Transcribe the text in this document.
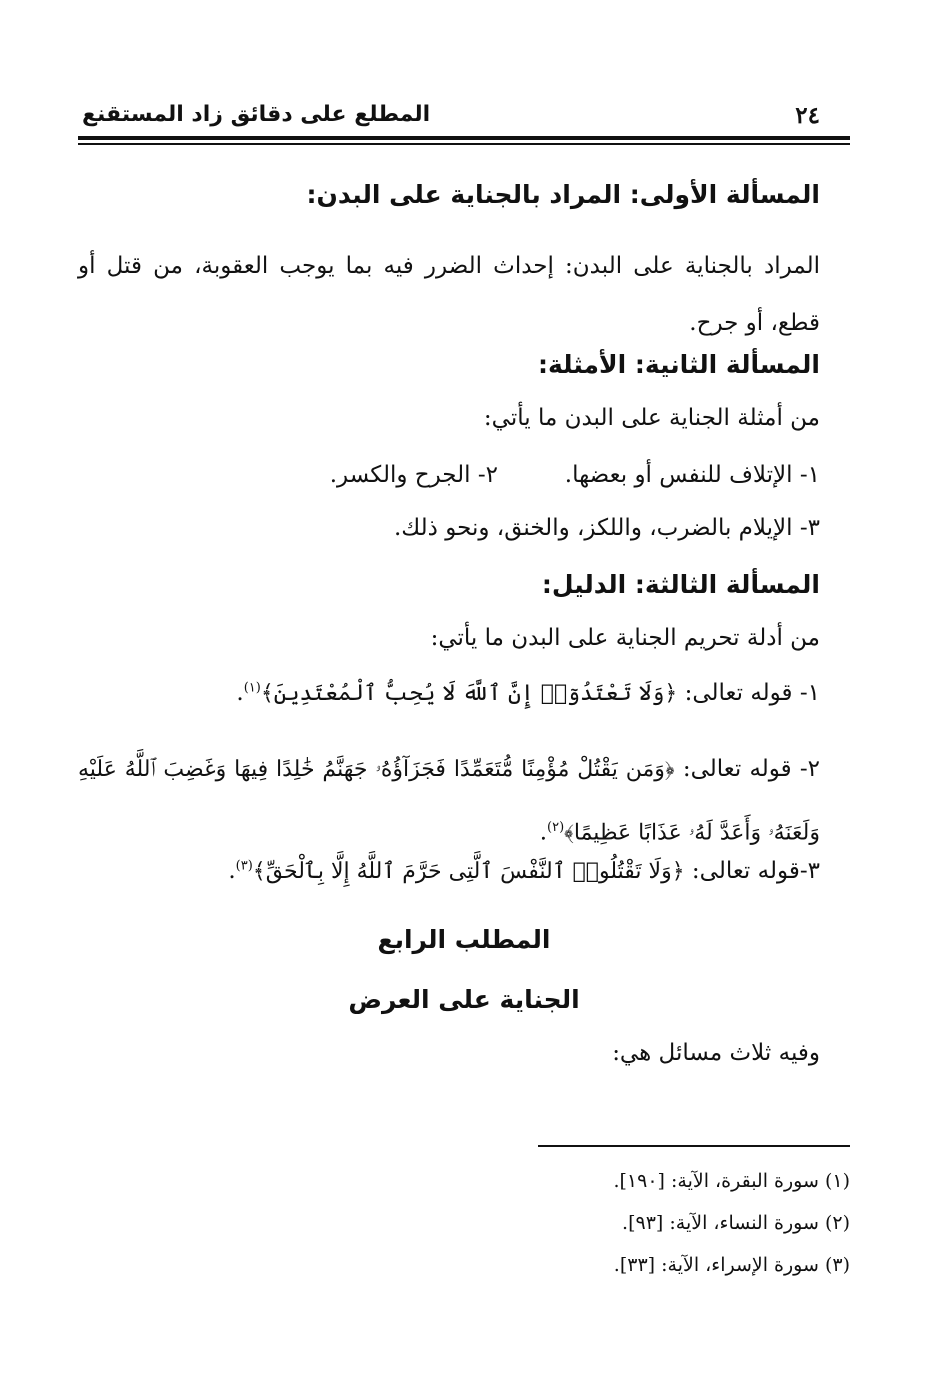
٢٤
المطلع على دقائق زاد المستقنع
المسألة الأولى: المراد بالجناية على البدن:
المراد بالجناية على البدن: إحداث الضرر فيه بما يوجب العقوبة، من قتل أو قطع، أو جرح.
المسألة الثانية: الأمثلة:
من أمثلة الجناية على البدن ما يأتي:
١- الإتلاف للنفس أو بعضها.
٢- الجرح والكسر.
٣- الإيلام بالضرب، واللكز، والخنق، ونحو ذلك.
المسألة الثالثة: الدليل:
من أدلة تحريم الجناية على البدن ما يأتي:
١- قوله تعالى: ﴿وَلَا تَعْتَدُوٓا۟ إِنَّ ٱللَّهَ لَا يُحِبُّ ٱلْمُعْتَدِينَ﴾$^{(١)}$.
٢- قوله تعالى: ﴿وَمَن يَقْتُلْ مُؤْمِنًا مُّتَعَمِّدًا فَجَزَآؤُهُۥ جَهَنَّمُ خَٰلِدًا فِيهَا وَغَضِبَ ٱللَّهُ عَلَيْهِ وَلَعَنَهُۥ وَأَعَدَّ لَهُۥ عَذَابًا عَظِيمًا﴾$^{(٢)}$.
٣-قوله تعالى: ﴿وَلَا تَقْتُلُوا۟ ٱلنَّفْسَ ٱلَّتِى حَرَّمَ ٱللَّهُ إِلَّا بِٱلْحَقِّ﴾$^{(٣)}$.
المطلب الرابع
الجناية على العرض
وفيه ثلاث مسائل هي:
(١) سورة البقرة، الآية: [١٩٠].
(٢) سورة النساء، الآية: [٩٣].
(٣) سورة الإسراء، الآية: [٣٣].
